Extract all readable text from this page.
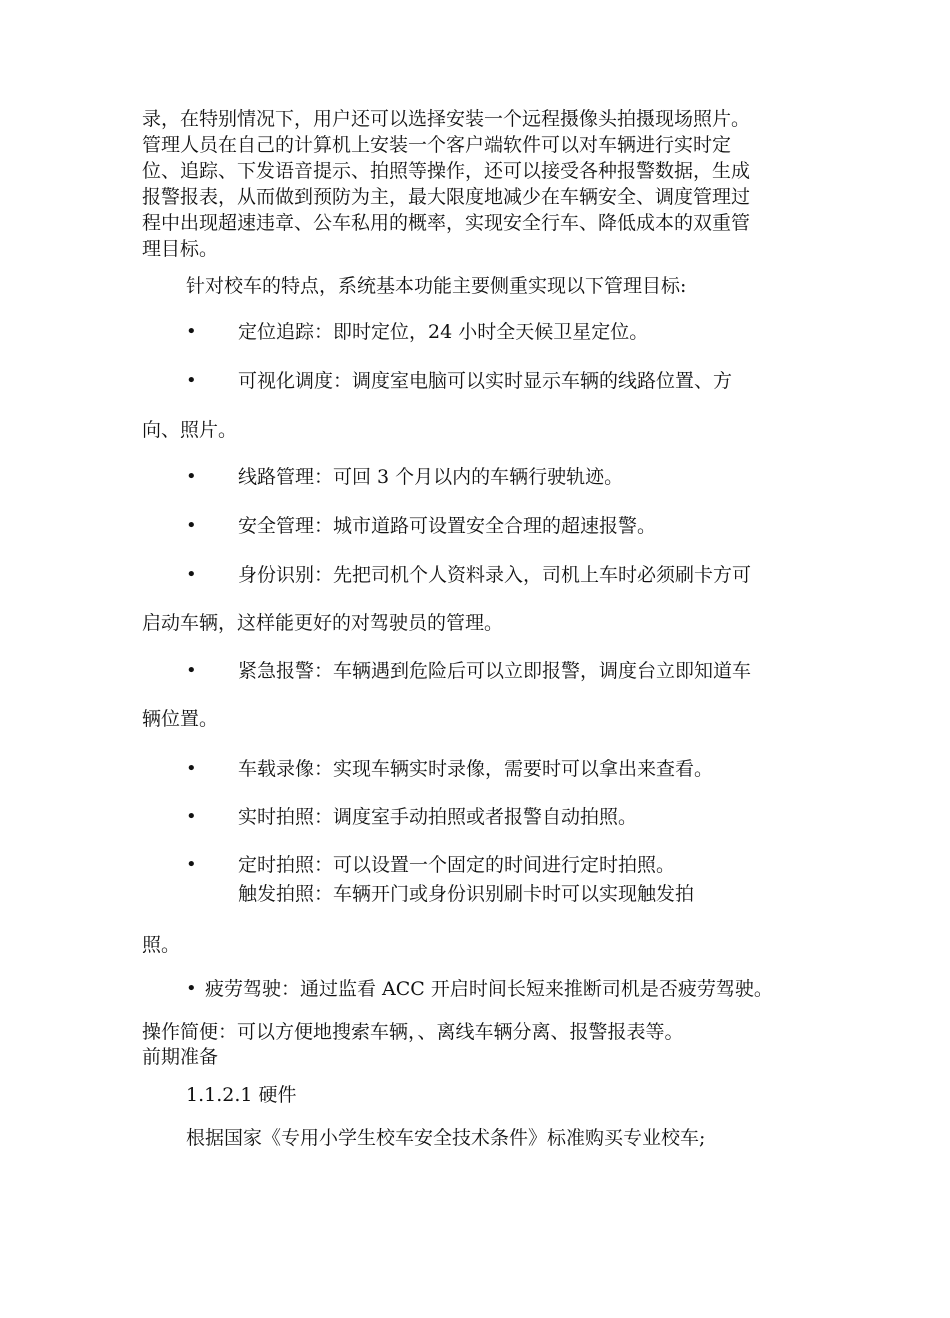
录，在特别情况下，用户还可以选择安装一个远程摄像头拍摄现场照片。
管理人员在自己的计算机上安装一个客户端软件可以对车辆进行实时定
位、追踪、下发语音提示、拍照等操作，还可以接受各种报警数据，生成
报警报表，从而做到预防为主，最大限度地减少在车辆安全、调度管理过
程中出现超速违章、公车私用的概率，实现安全行车、降低成本的双重管
理目标。
针对校车的特点，系统基本功能主要侧重实现以下管理目标:
• 定位追踪：即时定位，24 小时全天候卫星定位。
• 可视化调度：调度室电脑可以实时显示车辆的线路位置、方
向、照片。
• 线路管理：可回 3 个月以内的车辆行驶轨迹。
• 安全管理：城市道路可设置安全合理的超速报警。
• 身份识别：先把司机个人资料录入，司机上车时必须刷卡方可
启动车辆，这样能更好的对驾驶员的管理。
• 紧急报警：车辆遇到危险后可以立即报警，调度台立即知道车
辆位置。
• 车载录像：实现车辆实时录像，需要时可以拿出来查看。
• 实时拍照：调度室手动拍照或者报警自动拍照。
• 定时拍照：可以设置一个固定的时间进行定时拍照。
触发拍照：车辆开门或身份识别刷卡时可以实现触发拍
照。
• 疲劳驾驶：通过监看 ACC 开启时间长短来推断司机是否疲劳驾驶。
操作简便：可以方便地搜索车辆，、离线车辆分离、报警报表等。
前期准备
1.1.2.1 硬件
根据国家《专用小学生校车安全技术条件》标准购买专业校车;
